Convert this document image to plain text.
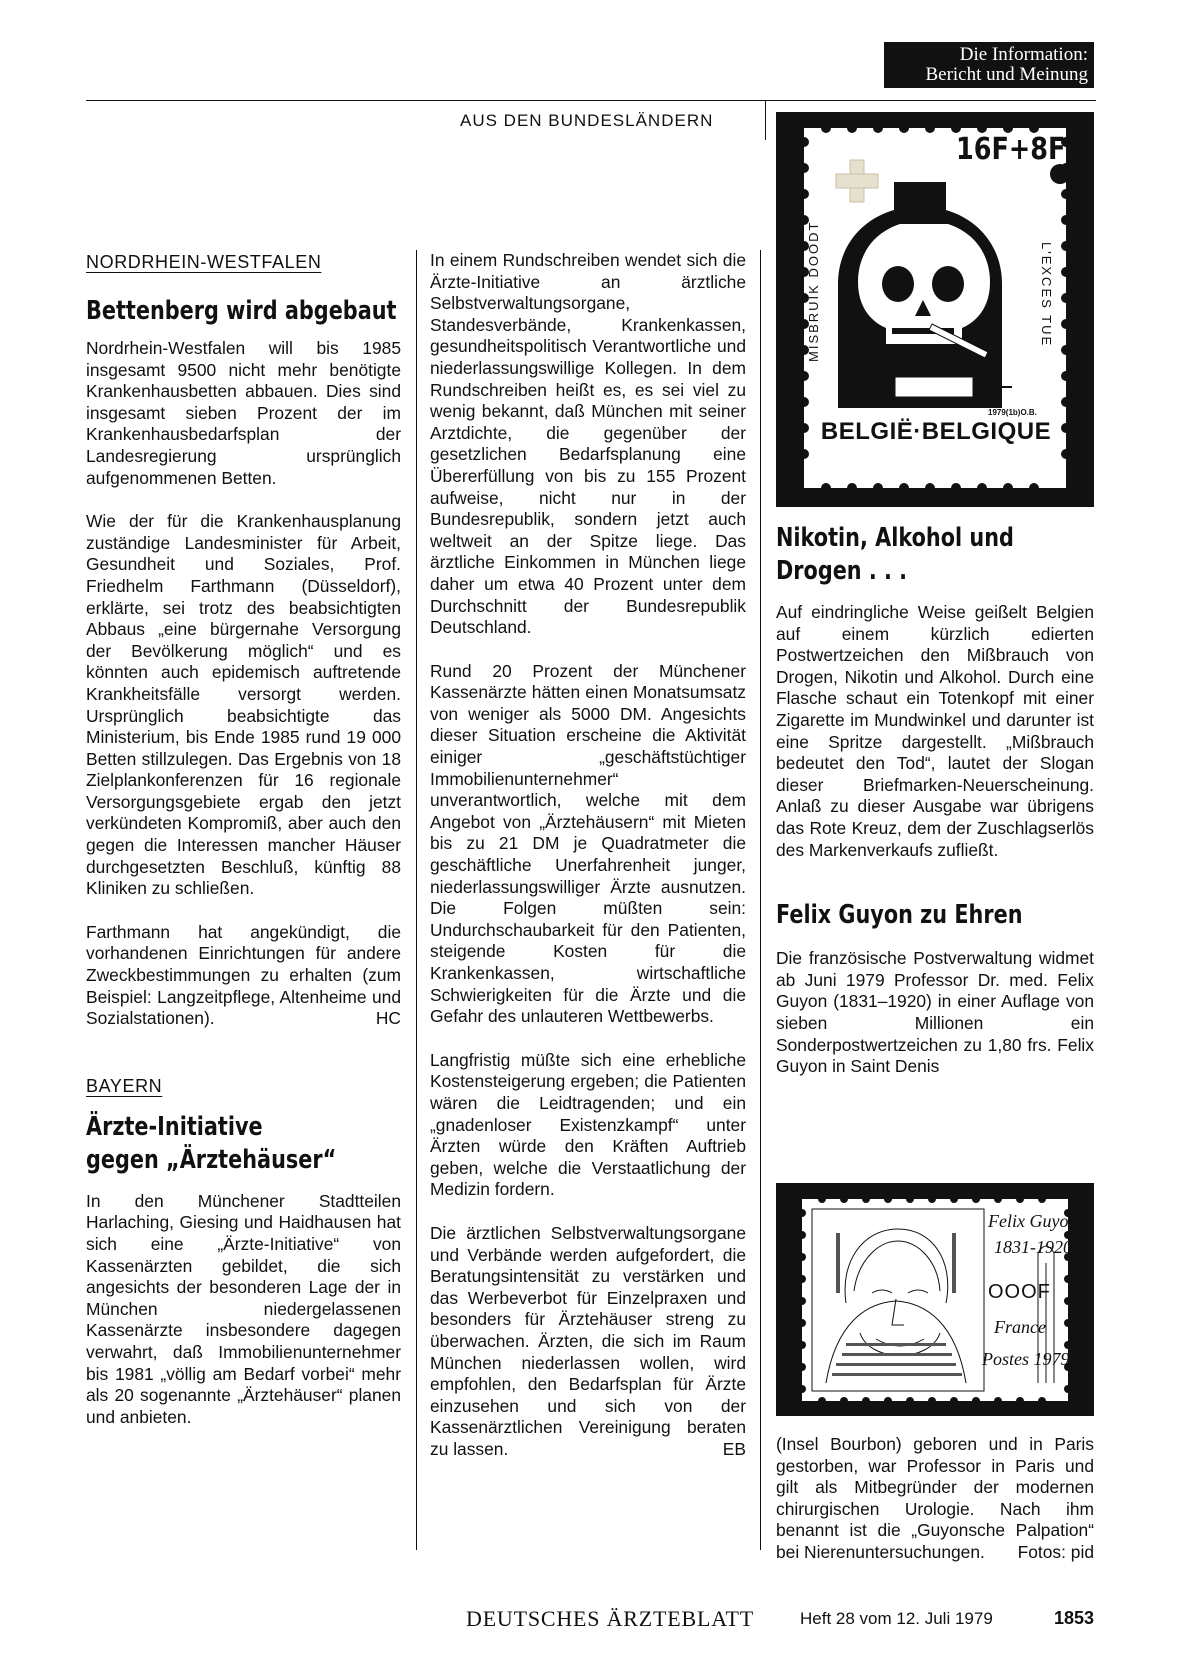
Die Information:
Bericht und Meinung
AUS DEN BUNDESLÄNDERN
NORDRHEIN-WESTFALEN
Bettenberg wird abgebaut
Nordrhein-Westfalen will bis 1985 insgesamt 9500 nicht mehr benötigte Krankenhausbetten abbauen. Dies sind insgesamt sieben Prozent der im Krankenhausbedarfsplan der Landesregierung ursprünglich aufgenommenen Betten.
Wie der für die Krankenhausplanung zuständige Landesminister für Arbeit, Gesundheit und Soziales, Prof. Friedhelm Farthmann (Düsseldorf), erklärte, sei trotz des beabsichtigten Abbaus „eine bürgernahe Versorgung der Bevölkerung möglich“ und es könnten auch epidemisch auftretende Krankheitsfälle versorgt werden. Ursprünglich beabsichtigte das Ministerium, bis Ende 1985 rund 19 000 Betten stillzulegen. Das Ergebnis von 18 Zielplankonferenzen für 16 regionale Versorgungsgebiete ergab den jetzt verkündeten Kompromiß, aber auch den gegen die Interessen mancher Häuser durchgesetzten Beschluß, künftig 88 Kliniken zu schließen.
Farthmann hat angekündigt, die vorhandenen Einrichtungen für andere Zweckbestimmungen zu erhalten (zum Beispiel: Langzeitpflege, Altenheime und Sozialstationen).	HC
BAYERN
Ärzte-Initiative
gegen „Ärztehäuser“
In den Münchener Stadtteilen Harlaching, Giesing und Haidhausen hat sich eine „Ärzte-Initiative“ von Kassenärzten gebildet, die sich angesichts der besonderen Lage der in München niedergelassenen Kassenärzte insbesondere dagegen verwahrt, daß Immobilienunternehmer bis 1981 „völlig am Bedarf vorbei“ mehr als 20 sogenannte „Ärztehäuser“ planen und anbieten.
In einem Rundschreiben wendet sich die Ärzte-Initiative an ärztliche Selbstverwaltungsorgane, Standesverbände, Krankenkassen, gesundheitspolitisch Verantwortliche und niederlassungswillige Kollegen. In dem Rundschreiben heißt es, es sei viel zu wenig bekannt, daß München mit seiner Arztdichte, die gegenüber der gesetzlichen Bedarfsplanung eine Übererfüllung von bis zu 155 Prozent aufweise, nicht nur in der Bundesrepublik, sondern jetzt auch weltweit an der Spitze liege. Das ärztliche Einkommen in München liege daher um etwa 40 Prozent unter dem Durchschnitt der Bundesrepublik Deutschland.
Rund 20 Prozent der Münchener Kassenärzte hätten einen Monatsumsatz von weniger als 5000 DM. Angesichts dieser Situation erscheine die Aktivität einiger „geschäftstüchtiger Immobilienunternehmer“ unverantwortlich, welche mit dem Angebot von „Ärztehäusern“ mit Mieten bis zu 21 DM je Quadratmeter die geschäftliche Unerfahrenheit junger, niederlassungswilliger Ärzte ausnutzen. Die Folgen müßten sein: Undurchschaubarkeit für den Patienten, steigende Kosten für die Krankenkassen, wirtschaftliche Schwierigkeiten für die Ärzte und die Gefahr des unlauteren Wettbewerbs.
Langfristig müßte sich eine erhebliche Kostensteigerung ergeben; die Patienten wären die Leidtragenden; und ein „gnadenloser Existenzkampf“ unter Ärzten würde den Kräften Auftrieb geben, welche die Verstaatlichung der Medizin fordern.
Die ärztlichen Selbstverwaltungsorgane und Verbände werden aufgefordert, die Beratungsintensität zu verstärken und das Werbeverbot für Einzelpraxen und besonders für Ärztehäuser streng zu überwachen. Ärzten, die sich im Raum München niederlassen wollen, wird empfohlen, den Bedarfsplan für Ärzte einzusehen und sich von der Kassenärztlichen Vereinigung beraten zu lassen.	EB
16F+8F
MISBRUIK DOODT	L'EXCES TUE
1979(1b)O.B.
BELGIË·BELGIQUE
Nikotin, Alkohol und
Drogen . . .
Auf eindringliche Weise geißelt Belgien auf einem kürzlich edierten Postwertzeichen den Mißbrauch von Drogen, Nikotin und Alkohol. Durch eine Flasche schaut ein Totenkopf mit einer Zigarette im Mundwinkel und darunter ist eine Spritze dargestellt. „Mißbrauch bedeutet den Tod“, lautet der Slogan dieser Briefmarken-Neuerscheinung. Anlaß zu dieser Ausgabe war übrigens das Rote Kreuz, dem der Zuschlagserlös des Markenverkaufs zufließt.
Felix Guyon zu Ehren
Die französische Postverwaltung widmet ab Juni 1979 Professor Dr. med. Felix Guyon (1831–1920) in einer Auflage von sieben Millionen ein Sonderpostwertzeichen zu 1,80 frs. Felix Guyon in Saint Denis
Felix Guyon
1831-1920
OOOF
France
Postes 1979
(Insel Bourbon) geboren und in Paris gestorben, war Professor in Paris und gilt als Mitbegründer der modernen chirurgischen Urologie. Nach ihm benannt ist die „Guyonsche Palpation“ bei Nierenuntersuchungen. Fotos: pid
DEUTSCHES ÄRZTEBLATT	Heft 28 vom 12. Juli 1979	1853
